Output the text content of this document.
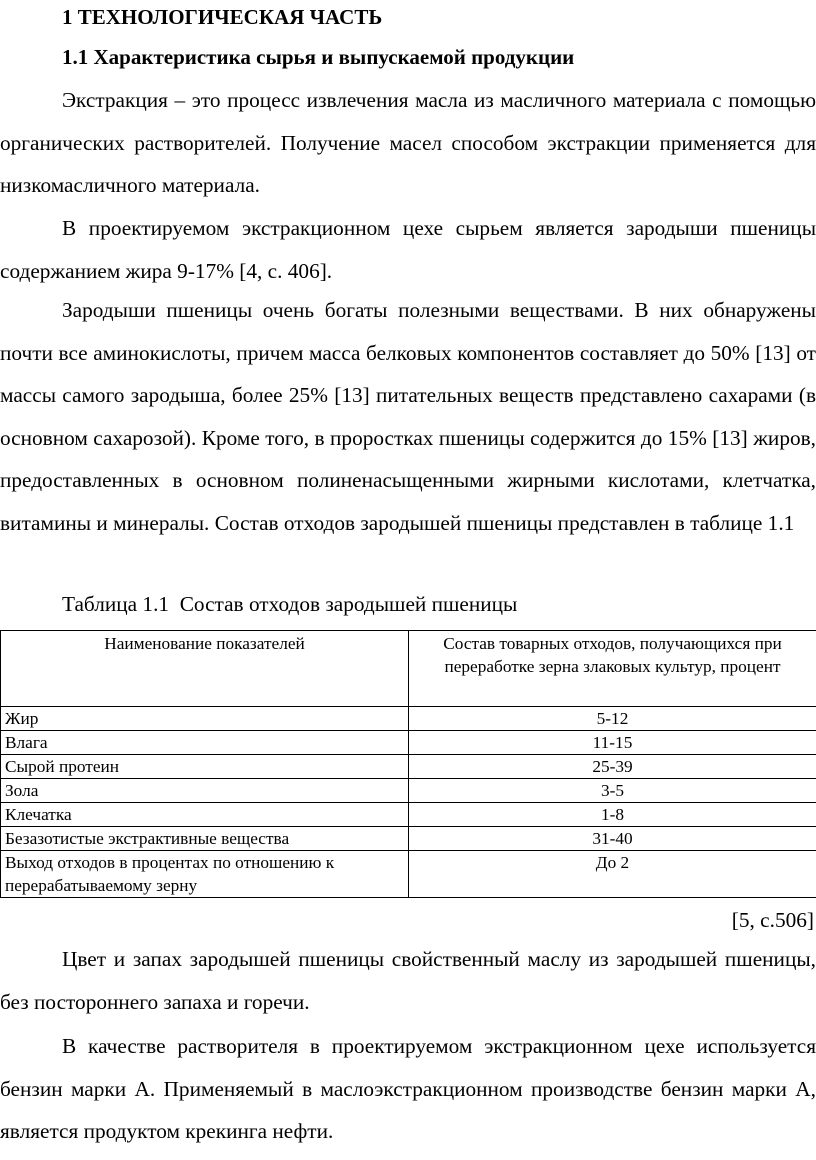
1 ТЕХНОЛОГИЧЕСКАЯ ЧАСТЬ
1.1 Характеристика сырья и выпускаемой продукции

Экстракция – это процесс извлечения масла из масличного материала с помощью органических растворителей. Получение масел способом экстракции применяется для низкомасличного материала.

В проектируемом экстракционном цехе сырьем является зародыши пшеницы содержанием жира 9-17% [4, с. 406].

Зародыши пшеницы очень богаты полезными веществами. В них обнаружены почти все аминокислоты, причем масса белковых компонентов составляет до 50% [13] от массы самого зародыша, более 25% [13] питательных веществ представлено сахарами (в основном сахарозой). Кроме того, в проростках пшеницы содержится до 15% [13] жиров, предоставленных в основном полиненасыщенными жирными кислотами, клетчатка, витамины и минералы. Состав отходов зародышей пшеницы представлен в таблице 1.1

Таблица 1.1  Состав отходов зародышей пшеницы
Наименование показателей	Состав товарных отходов, получающихся при переработке зерна злаковых культур, процент
Жир	5-12
Влага	11-15
Сырой протеин	25-39
Зола	3-5
Клечатка	1-8
Безазотистые экстрактивные вещества	31-40
Выход отходов в процентах по отношению к перерабатываемому зерну	До 2
[5, с.506]

Цвет и запах зародышей пшеницы свойственный маслу из зародышей пшеницы, без постороннего запаха и горечи.

В качестве растворителя в проектируемом экстракционном цехе используется бензин марки А. Применяемый в маслоэкстракционном производстве бензин марки А, является продуктом крекинга нефти.
